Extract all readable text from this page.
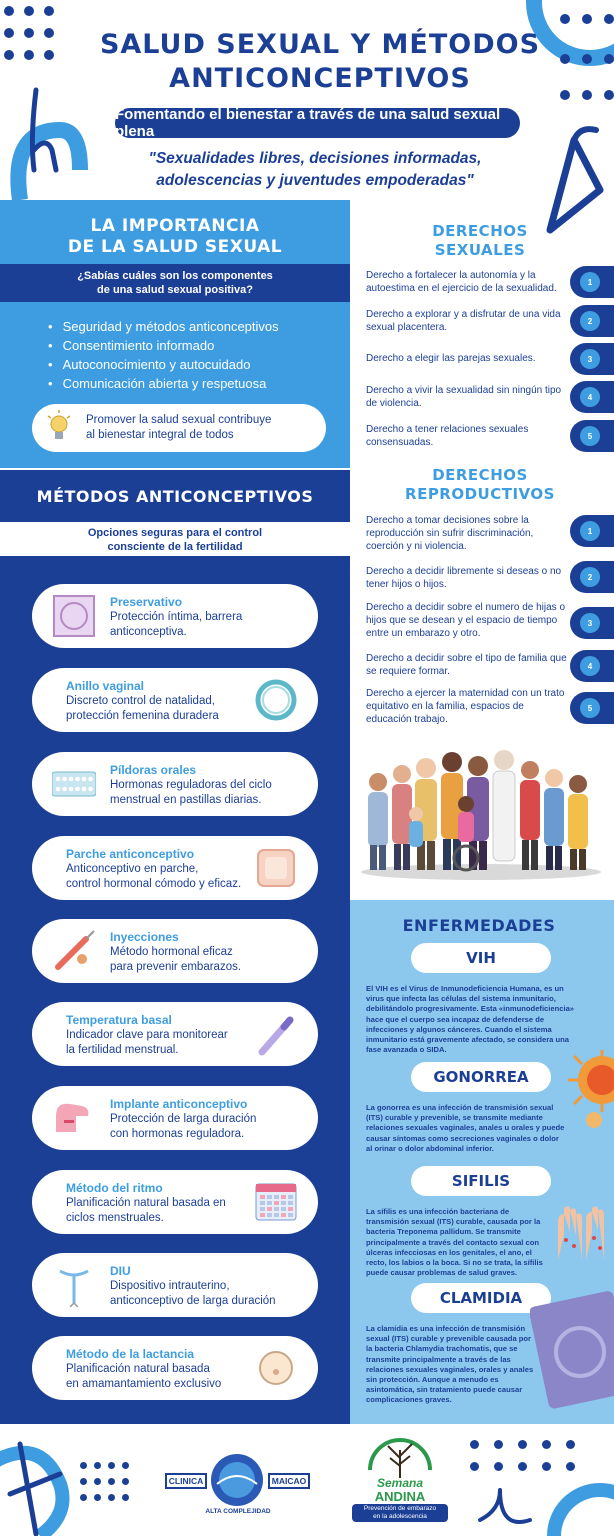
SALUD SEXUAL Y MÉTODOS
ANTICONCEPTIVOS
Fomentando el bienestar a través de una salud sexual plena
"Sexualidades libres, decisiones informadas,
adolescencias y juventudes empoderadas"
LA IMPORTANCIA
DE LA SALUD SEXUAL
¿Sabías cuáles son los componentes
de una salud sexual positiva?
• Seguridad y métodos anticonceptivos
• Consentimiento informado
• Autoconocimiento y autocuidado
• Comunicación abierta y respetuosa
Promover la salud sexual contribuye
al bienestar integral de todos
MÉTODOS ANTICONCEPTIVOS
Opciones seguras para el control
consciente de la fertilidad
Preservativo
Protección íntima, barrera
anticonceptiva.
Anillo vaginal
Discreto control de natalidad,
protección femenina duradera
Píldoras orales
Hormonas reguladoras del ciclo
menstrual en pastillas diarias.
Parche anticonceptivo
Anticonceptivo en parche,
control hormonal cómodo y eficaz.
Inyecciones
Método hormonal eficaz
para prevenir embarazos.
Temperatura basal
Indicador clave para monitorear
la fertilidad menstrual.
Implante anticonceptivo
Protección de larga duración
con hormonas reguladora.
Método del ritmo
Planificación natural basada en
ciclos menstruales.
DIU
Dispositivo intrauterino,
anticonceptivo de larga duración
Método de la lactancia
Planificación natural basada
en amamantamiento exclusivo
DERECHOS
SEXUALES
Derecho a fortalecer la autonomía y la autoestima en el ejercicio de la sexualidad.
1
Derecho a explorar y a disfrutar de una vida sexual placentera.
2
Derecho a elegir las parejas sexuales.	3
Derecho a vivir la sexualidad sin ningún tipo de violencia.
4
Derecho a tener relaciones sexuales consensuadas.
5
DERECHOS
REPRODUCTIVOS
Derecho a tomar decisiones sobre la reproducción sin sufrir discriminación, coerción y ni violencia.
1
Derecho a decidir libremente si deseas o no tener hijos o hijos.
2
Derecho a decidir sobre el numero de hijas o hijos que se desean y el espacio de tiempo entre un embarazo y otro.
3
Derecho a decidir sobre el tipo de familia que se requiere formar.	4
Derecho a ejercer la maternidad con un trato equitativo en la familia, espacios de educación trabajo.
5
ENFERMEDADES
VIH
El VIH es el Virus de Inmunodeficiencia Humana, es un virus que infecta las células del sistema inmunitario, debilitándolo progresivamente. Esta «inmunodeficiencia» hace que el cuerpo sea incapaz de defenderse de infecciones y algunos cánceres. Cuando el sistema inmunitario está gravemente afectado, se considera una fase avanzada o SIDA.
GONORREA
La gonorrea es una infección de transmisión sexual (ITS) curable y prevenible, se transmite mediante relaciones sexuales vaginales, anales u orales y puede causar síntomas como secreciones vaginales o dolor al orinar o dolor abdominal inferior.
SIFILIS
La sífilis es una infección bacteriana de transmisión sexual (ITS) curable, causada por la bacteria Treponema pallidum. Se transmite principalmente a través del contacto sexual con úlceras infecciosas en los genitales, el ano, el recto, los labios o la boca. Si no se trata, la sífilis puede causar problemas de salud graves.
CLAMIDIA
La clamidia es una infección de transmisión sexual (ITS) curable y prevenible causada por la bacteria Chlamydia trachomatis, que se transmite principalmente a través de las relaciones sexuales vaginales, orales y anales sin protección. Aunque a menudo es asintomática, sin tratamiento puede causar complicaciones graves.
CLINICA	MAICAO
ALTA COMPLEJIDAD
Semana
ANDINA
Prevención de embarazo
en la adolescencia
